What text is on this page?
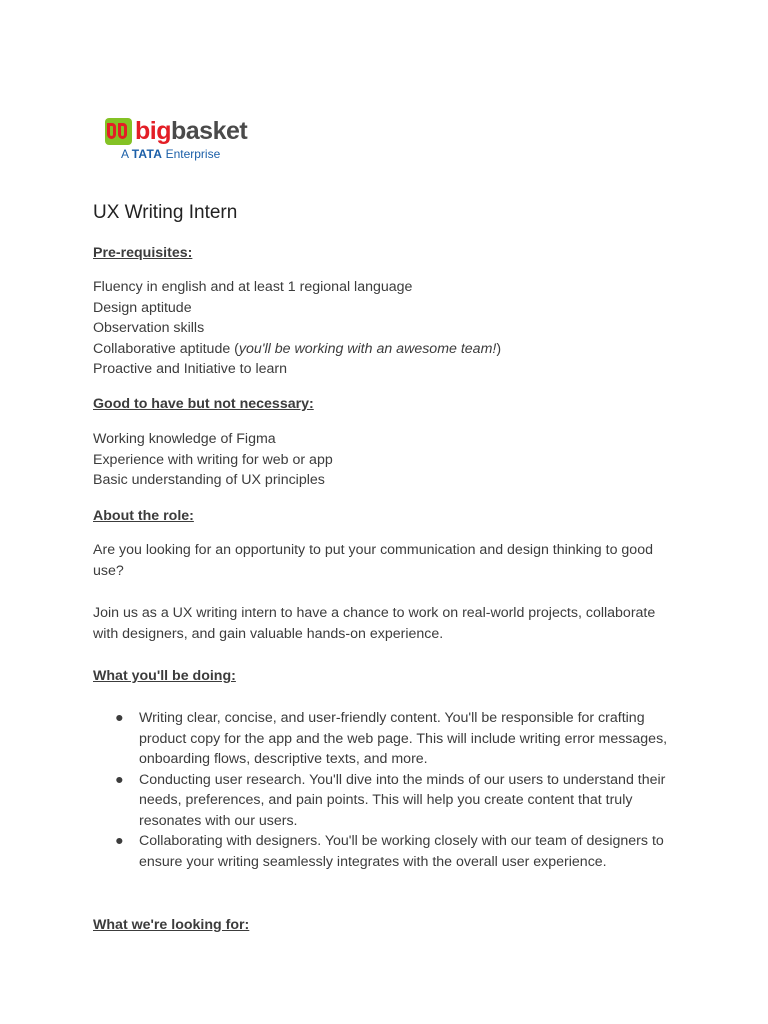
bigbasket
A TATA Enterprise
UX Writing Intern
Pre-requisites:
Fluency in english and at least 1 regional language
Design aptitude
Observation skills
Collaborative aptitude (you'll be working with an awesome team!)
Proactive and Initiative to learn
Good to have but not necessary:
Working knowledge of Figma
Experience with writing for web or app
Basic understanding of UX principles
About the role:
Are you looking for an opportunity to put your communication and design thinking to good use?
Join us as a UX writing intern to have a chance to work on real-world projects, collaborate with designers, and gain valuable hands-on experience.
What you'll be doing:
● Writing clear, concise, and user-friendly content. You'll be responsible for crafting product copy for the app and the web page. This will include writing error messages, onboarding flows, descriptive texts, and more.
● Conducting user research. You'll dive into the minds of our users to understand their needs, preferences, and pain points. This will help you create content that truly resonates with our users.
● Collaborating with designers. You'll be working closely with our team of designers to ensure your writing seamlessly integrates with the overall user experience.
What we're looking for:
